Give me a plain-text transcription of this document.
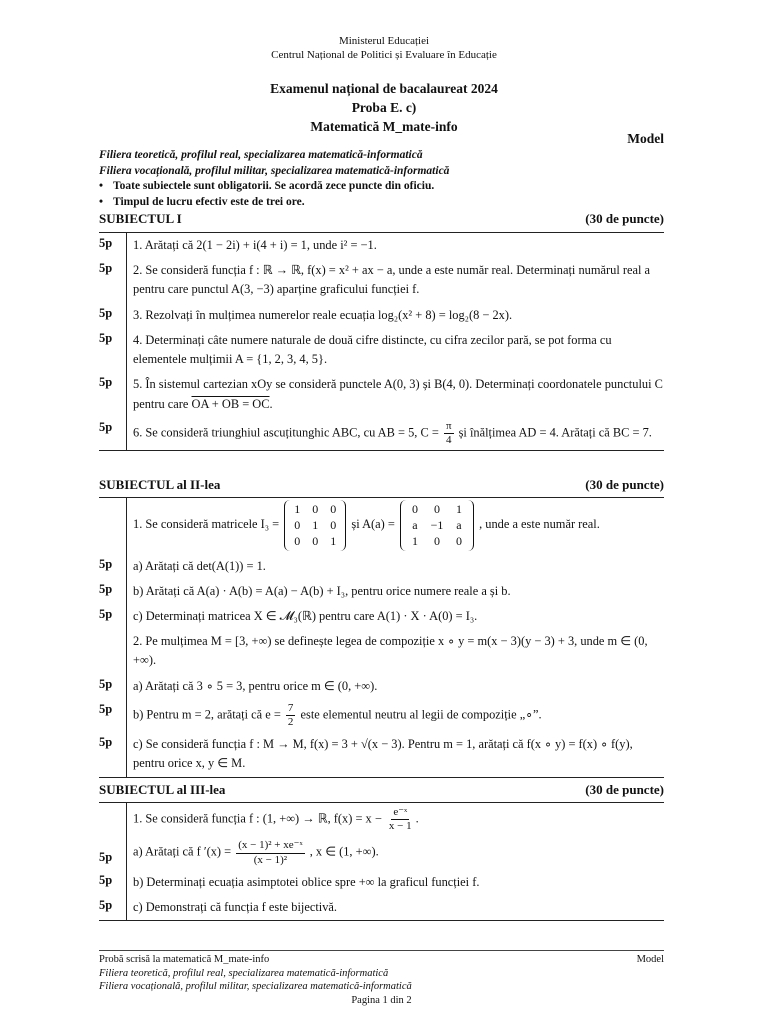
Ministerul Educației
Centrul Național de Politici și Evaluare în Educație
Examenul național de bacalaureat 2024
Proba E. c)
Matematică M_mate-info
Model
Filiera teoretică, profilul real, specializarea matematică-informatică
Filiera vocațională, profilul militar, specializarea matematică-informatică
• Toate subiectele sunt obligatorii. Se acordă zece puncte din oficiu.
• Timpul de lucru efectiv este de trei ore.
SUBIECTUL I	(30 de puncte)
5p	1. Arătați că 2(1 − 2i) + i(4 + i) = 1, unde i² = −1.
5p	2. Se consideră funcția f : ℝ → ℝ, f(x) = x² + ax − a, unde a este număr real. Determinați numărul real a pentru care punctul A(3, −3) aparține graficului funcției f.
5p	3. Rezolvați în mulțimea numerelor reale ecuația log₂(x² + 8) = log₂(8 − 2x).
5p	4. Determinați câte numere naturale de două cifre distincte, cu cifra zecilor pară, se pot forma cu elementele mulțimii A = {1, 2, 3, 4, 5}.
5p	5. În sistemul cartezian xOy se consideră punctele A(0, 3) și B(4, 0). Determinați coordonatele punctului C pentru care OA + OB = OC.
5p	6. Se consideră triunghiul ascuțitunghic ABC, cu AB = 5, $C = \frac{\pi}{4}$ și înălțimea AD = 4. Arătați că BC = 7.
SUBIECTUL al II-lea	(30 de puncte)
1. Se consideră matricele I₃ =
1 0 0
0 1 0
0 0 1
și A(a) =
0 0 1
a −1 a
1 0 0
, unde a este număr real.
5p	a) Arătați că det(A(1)) = 1.
5p	b) Arătați că A(a) · A(b) = A(a) − A(b) + I₃, pentru orice numere reale a și b.
5p	c) Determinați matricea X ∈ 𝓜₃(ℝ) pentru care A(1) · X · A(0) = I₃.
2. Pe mulțimea M = [3, +∞) se definește legea de compoziție x ∘ y = m(x − 3)(y − 3) + 3, unde m ∈ (0, +∞).
5p	a) Arătați că 3 ∘ 5 = 3, pentru orice m ∈ (0, +∞).
5p	b) Pentru m = 2, arătați că $e = \frac{7}{2}$ este elementul neutru al legii de compoziție „∘”.
5p	c) Se consideră funcția f : M → M, f(x) = 3 + √(x − 3). Pentru m = 1, arătați că f(x ∘ y) = f(x) ∘ f(y), pentru orice x, y ∈ M.
SUBIECTUL al III-lea	(30 de puncte)
1. Se consideră funcția f : (1, +∞) → ℝ, $f(x) = x - \frac{\text{e⁻ˣ}}{x - 1}$ .
5p	a) Arătați că f $'(x) = \frac{\text{(x − 1)² + xe⁻ˣ}}{\text{(x − 1)²}}$ , x ∈ (1, +∞).
5p	b) Determinați ecuația asimptotei oblice spre +∞ la graficul funcției f.
5p	c) Demonstrați că funcția f este bijectivă.
Probă scrisă la matematică M_mate-info	Model
Filiera teoretică, profilul real, specializarea matematică-informatică
Filiera vocațională, profilul militar, specializarea matematică-informatică
Pagina 1 din 2
